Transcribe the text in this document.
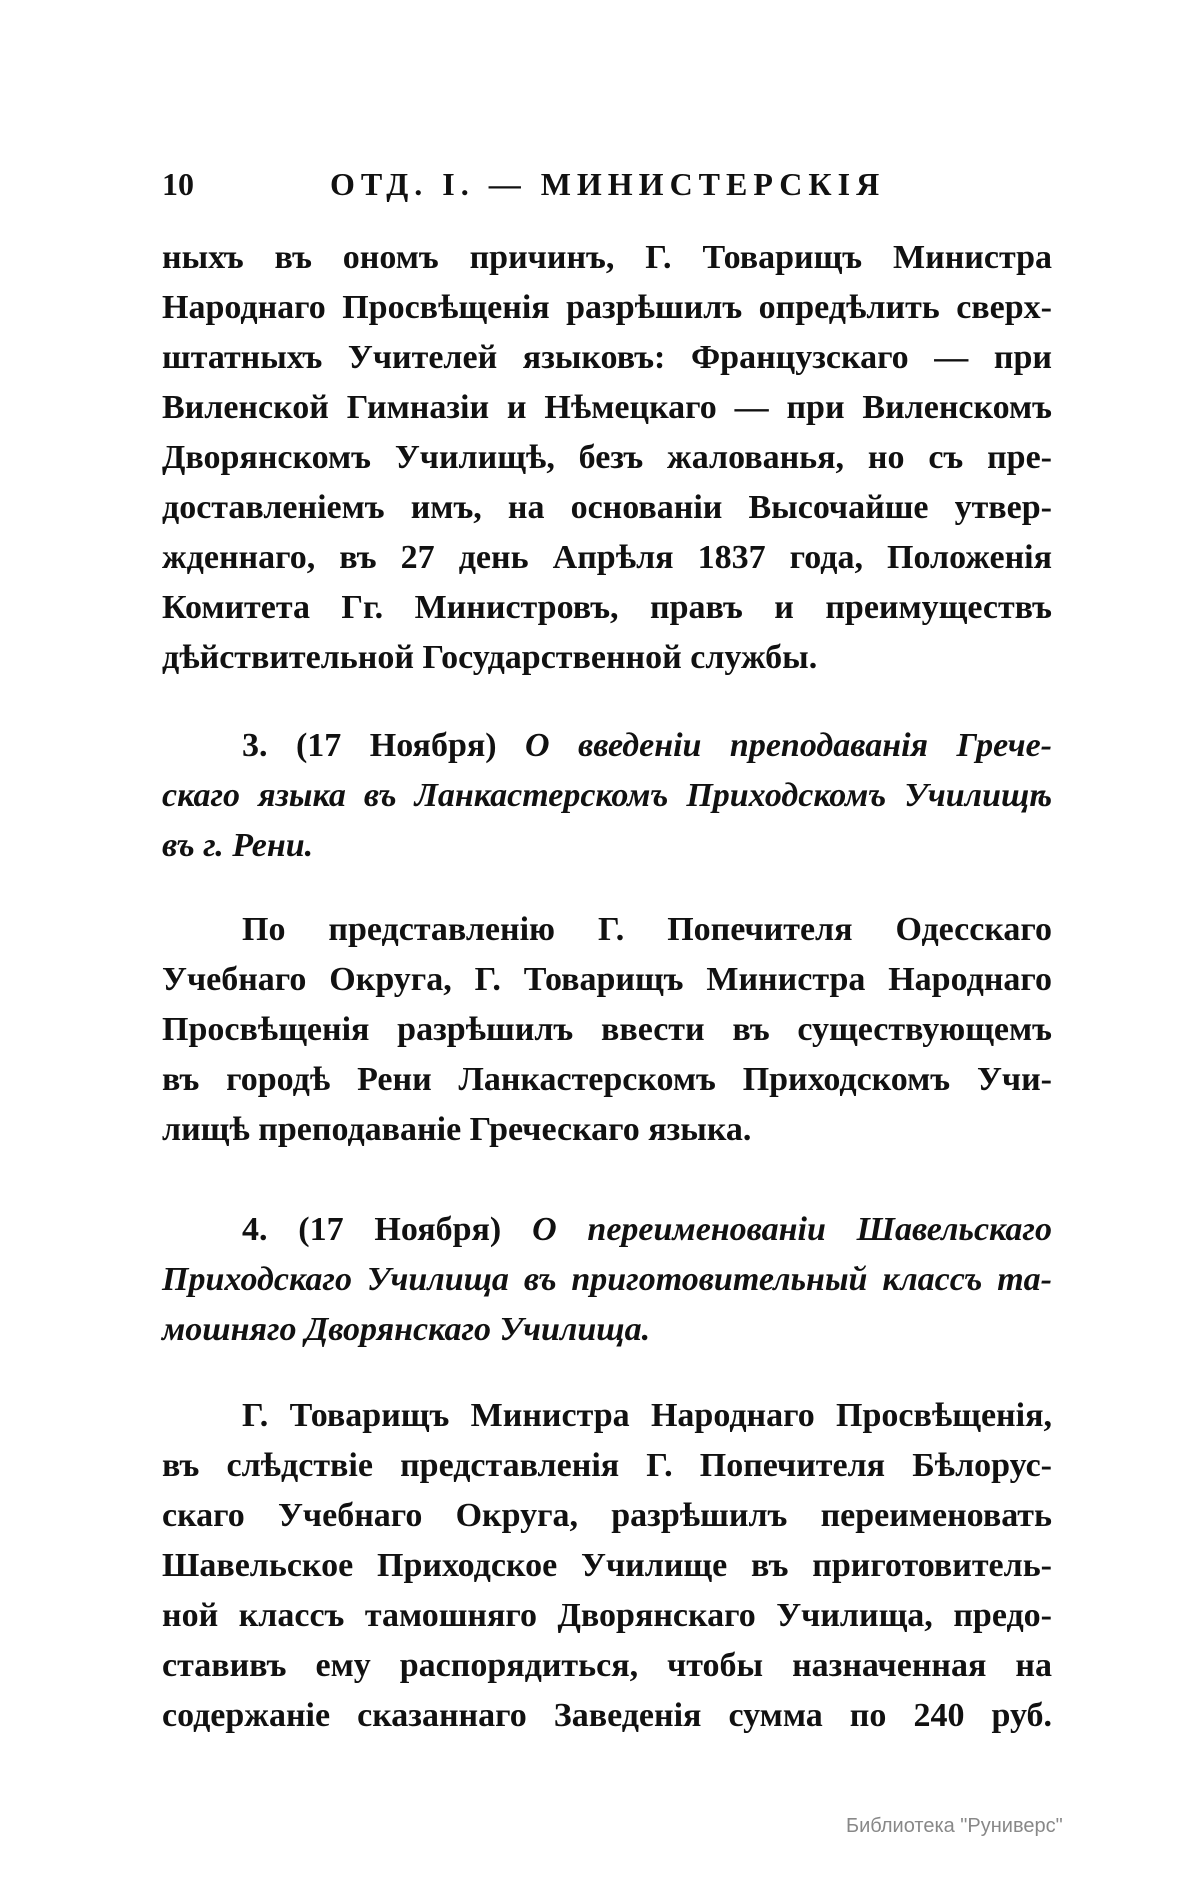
10	ОТД. I. — МИНИСТЕРСКІЯ
ныхъ въ ономъ причинъ, Г. Товарищъ Министра
Народнаго Просвѣщенія разрѣшилъ опредѣлить сверх-
штатныхъ Учителей языковъ: Французскаго — при
Виленской Гимназіи и Нѣмецкаго — при Виленскомъ
Дворянскомъ Училищѣ, безъ жалованья, но съ пре-
доставленіемъ имъ, на основаніи Высочайше утвер-
жденнаго, въ 27 день Апрѣля 1837 года, Положенія
Комитета Гг. Министровъ, правъ и преимуществъ
дѣйствительной Государственной службы.
3. (17 Ноября) О введеніи преподаванія Грече-
скаго языка въ Ланкастерскомъ Приходскомъ Училищѣ
въ г. Рени.
По представленію Г. Попечителя Одесскаго
Учебнаго Округа, Г. Товарищъ Министра Народнаго
Просвѣщенія разрѣшилъ ввести въ существующемъ
въ городѣ Рени Ланкастерскомъ Приходскомъ Учи-
лищѣ преподаваніе Греческаго языка.
4. (17 Ноября) О переименованіи Шавельскаго
Приходскаго Училища въ приготовительный классъ та-
мошняго Дворянскаго Училища.
Г. Товарищъ Министра Народнаго Просвѣщенія,
въ слѣдствіе представленія Г. Попечителя Бѣлорус-
скаго Учебнаго Округа, разрѣшилъ переименовать
Шавельское Приходское Училище въ приготовитель-
ной классъ тамошняго Дворянскаго Училища, предо-
ставивъ ему распорядиться, чтобы назначенная на
содержаніе сказаннаго Заведенія сумма по 240 руб.
Библиотека "Руниверс"
